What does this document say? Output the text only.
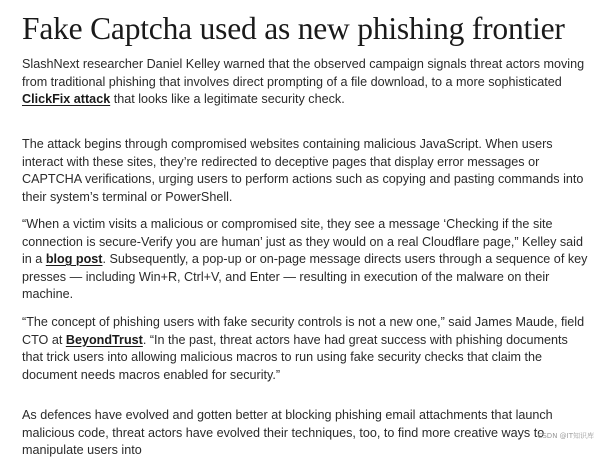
Fake Captcha used as new phishing frontier

SlashNext researcher Daniel Kelley warned that the observed campaign signals threat actors moving from traditional phishing that involves direct prompting of a file download, to a more sophisticated ClickFix attack that looks like a legitimate security check.

The attack begins through compromised websites containing malicious JavaScript. When users interact with these sites, they’re redirected to deceptive pages that display error messages or CAPTCHA verifications, urging users to perform actions such as copying and pasting commands into their system’s terminal or PowerShell.

“When a victim visits a malicious or compromised site, they see a message ‘Checking if the site connection is secure-Verify you are human’ just as they would on a real Cloudflare page,” Kelley said in a blog post. Subsequently, a pop-up or on-page message directs users through a sequence of key presses — including Win+R, Ctrl+V, and Enter — resulting in execution of the malware on their machine.

“The concept of phishing users with fake security controls is not a new one,” said James Maude, field CTO at BeyondTrust. “In the past, threat actors have had great success with phishing documents that trick users into allowing malicious macros to run using fake security checks that claim the document needs macros enabled for security.”

As defences have evolved and gotten better at blocking phishing email attachments that launch malicious code, threat actors have evolved their techniques, too, to find more creative ways to manipulate users into

CSDN @IT知识库
